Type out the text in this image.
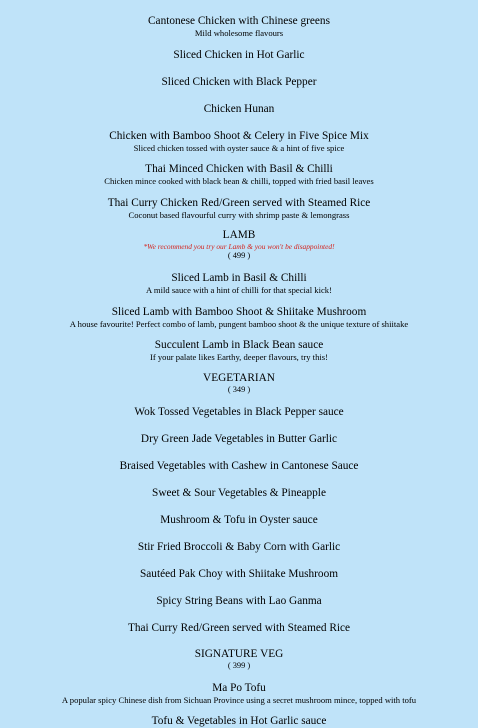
Cantonese Chicken with Chinese greens
Mild wholesome flavours
Sliced Chicken in Hot Garlic
Sliced Chicken with Black Pepper
Chicken Hunan
Chicken with Bamboo Shoot & Celery in Five Spice Mix
Sliced chicken tossed with oyster sauce & a hint of five spice
Thai Minced Chicken with Basil & Chilli
Chicken mince cooked with black bean & chilli, topped with fried basil leaves
Thai Curry Chicken Red/Green served with Steamed Rice
Coconut based flavourful curry with shrimp paste & lemongrass
LAMB
*We recommend you try our Lamb & you won't be disappointed!
( 499 )
Sliced Lamb in Basil & Chilli
A mild sauce with a hint of chilli for that special kick!
Sliced Lamb with Bamboo Shoot & Shiitake Mushroom
A house favourite! Perfect combo of lamb, pungent bamboo shoot & the unique texture of shiitake
Succulent Lamb in Black Bean sauce
If your palate likes Earthy, deeper flavours, try this!
VEGETARIAN
( 349 )
Wok Tossed Vegetables in Black Pepper sauce
Dry Green Jade Vegetables in Butter Garlic
Braised Vegetables with Cashew in Cantonese Sauce
Sweet & Sour Vegetables & Pineapple
Mushroom & Tofu in Oyster sauce
Stir Fried Broccoli & Baby Corn with Garlic
Sautéed Pak Choy with Shiitake Mushroom
Spicy String Beans with Lao Ganma
Thai Curry Red/Green served with Steamed Rice
SIGNATURE VEG
( 399 )
Ma Po Tofu
A popular spicy Chinese dish from Sichuan Province using a secret mushroom mince, topped with tofu
Tofu & Vegetables in Hot Garlic sauce
